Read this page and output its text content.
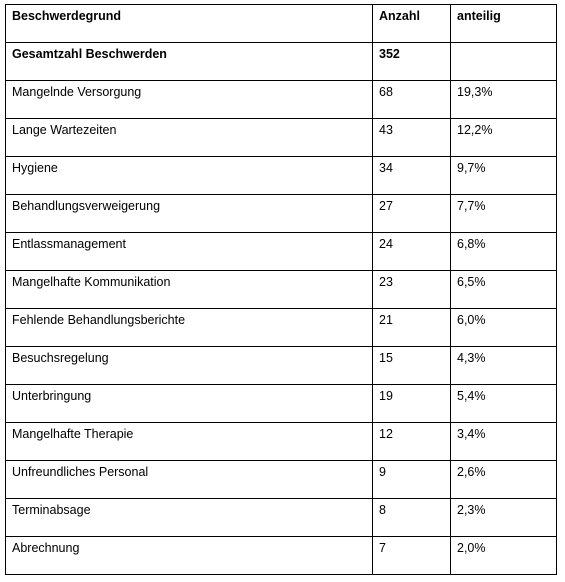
Beschwerdegrund	Anzahl	anteilig

Gesamtzahl Beschwerden	352	

Mangelnde Versorgung	68	19,3%

Lange Wartezeiten	43	12,2%

Hygiene	34	9,7%

Behandlungsverweigerung	27	7,7%

Entlassmanagement	24	6,8%

Mangelhafte Kommunikation	23	6,5%

Fehlende Behandlungsberichte	21	6,0%

Besuchsregelung	15	4,3%

Unterbringung	19	5,4%

Mangelhafte Therapie	12	3,4%

Unfreundliches Personal	9	2,6%

Terminabsage	8	2,3%

Abrechnung	7	2,0%
